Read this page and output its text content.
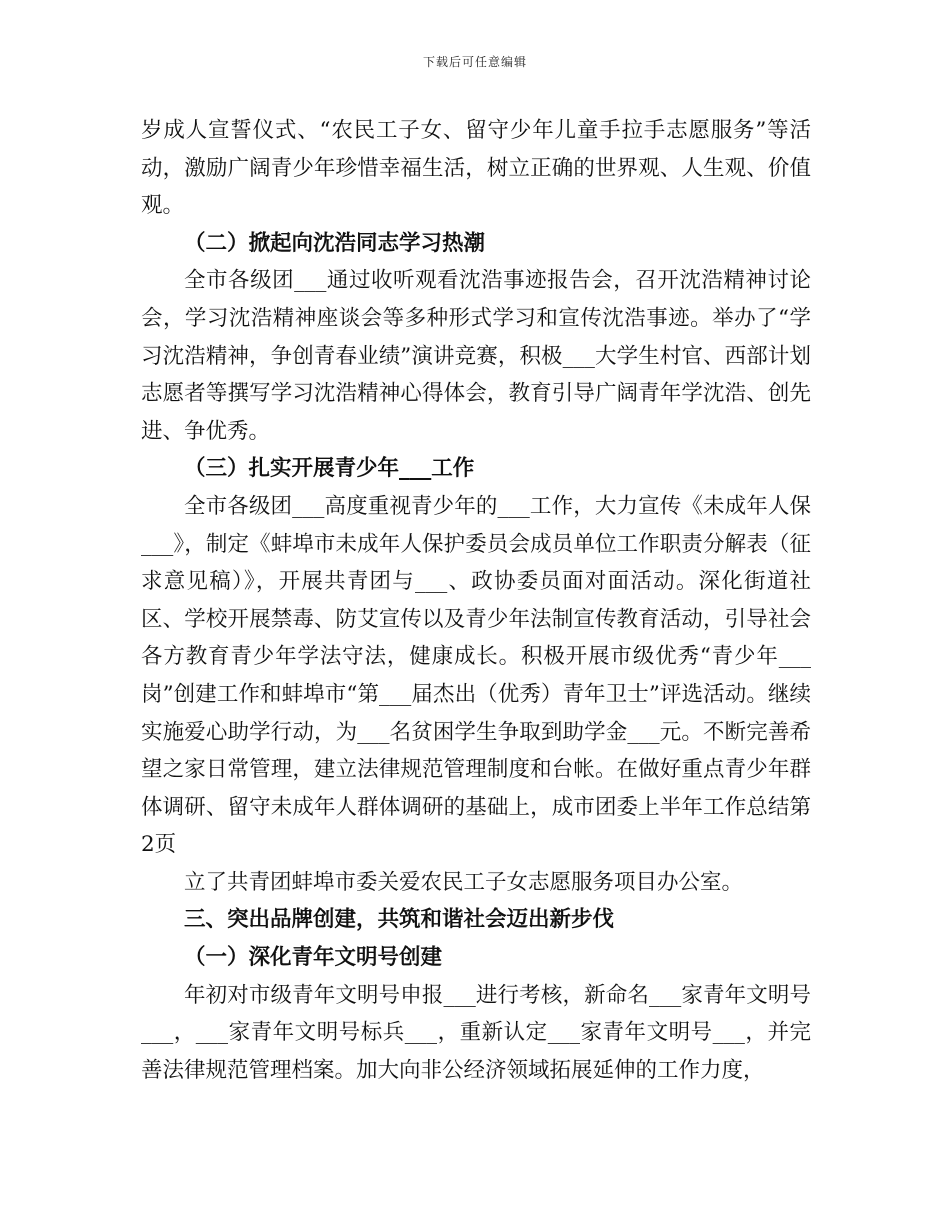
下载后可任意编辑

岁成人宣誓仪式、“农民工子女、留守少年儿童手拉手志愿服务”等活动，激励广阔青少年珍惜幸福生活，树立正确的世界观、人生观、价值观。

（二）掀起向沈浩同志学习热潮

全市各级团___通过收听观看沈浩事迹报告会，召开沈浩精神讨论会，学习沈浩精神座谈会等多种形式学习和宣传沈浩事迹。举办了“学习沈浩精神，争创青春业绩”演讲竞赛，积极___大学生村官、西部计划志愿者等撰写学习沈浩精神心得体会，教育引导广阔青年学沈浩、创先进、争优秀。

（三）扎实开展青少年___工作

全市各级团___高度重视青少年的___工作，大力宣传《未成年人保___》，制定《蚌埠市未成年人保护委员会成员单位工作职责分解表（征求意见稿）》，开展共青团与___、政协委员面对面活动。深化街道社区、学校开展禁毒、防艾宣传以及青少年法制宣传教育活动，引导社会各方教育青少年学法守法，健康成长。积极开展市级优秀“青少年___岗”创建工作和蚌埠市“第___届杰出（优秀）青年卫士”评选活动。继续实施爱心助学行动，为___名贫困学生争取到助学金___元。不断完善希望之家日常管理，建立法律规范管理制度和台帐。在做好重点青少年群体调研、留守未成年人群体调研的基础上，成市团委上半年工作总结第2页

立了共青团蚌埠市委关爱农民工子女志愿服务项目办公室。

三、突出品牌创建，共筑和谐社会迈出新步伐

（一）深化青年文明号创建

年初对市级青年文明号申报___进行考核，新命名___家青年文明号___，___家青年文明号标兵___，重新认定___家青年文明号___，并完善法律规范管理档案。加大向非公经济领域拓展延伸的工作力度，
